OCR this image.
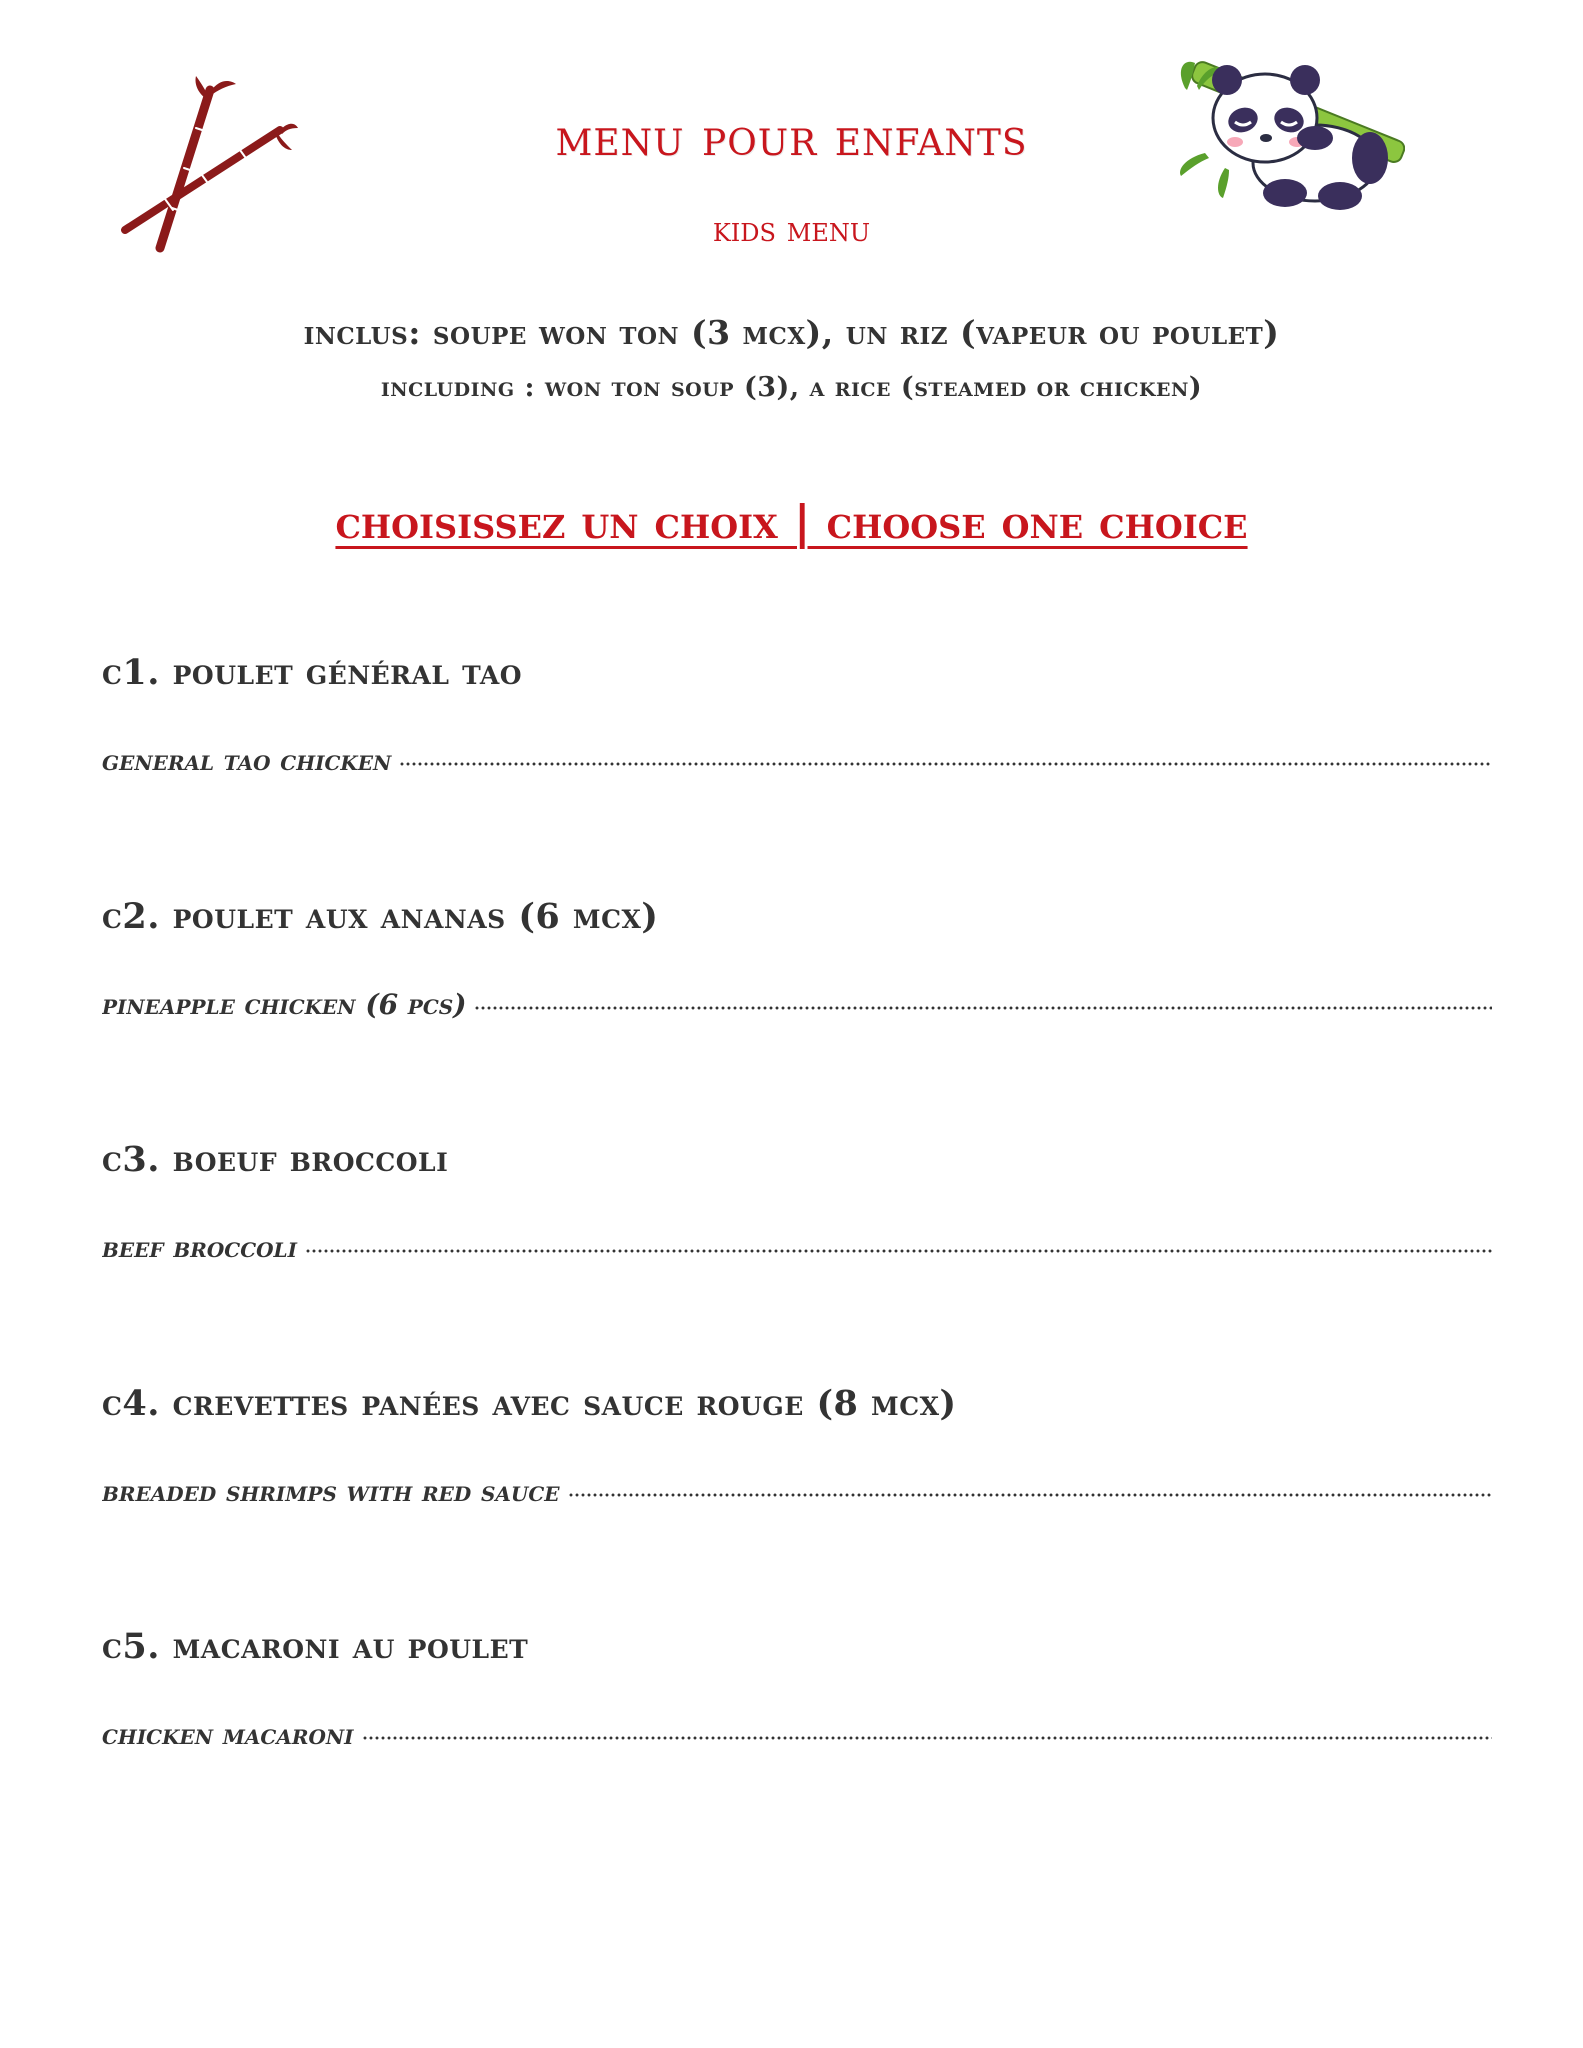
menu pour enfants
kids menu
inclus: soupe won ton (3 mcx), un riz (vapeur ou poulet)
including : won ton soup (3), a rice (steamed or chicken)
choisissez un choix | choose one choice
c1. poulet général tao
general tao chicken
c2. poulet aux ananas (6 mcx)
pineapple chicken (6 pcs)
c3. boeuf broccoli
beef broccoli
c4. crevettes panées avec sauce rouge (8 mcx)
breaded shrimps with red sauce
c5. macaroni au poulet
chicken macaroni
